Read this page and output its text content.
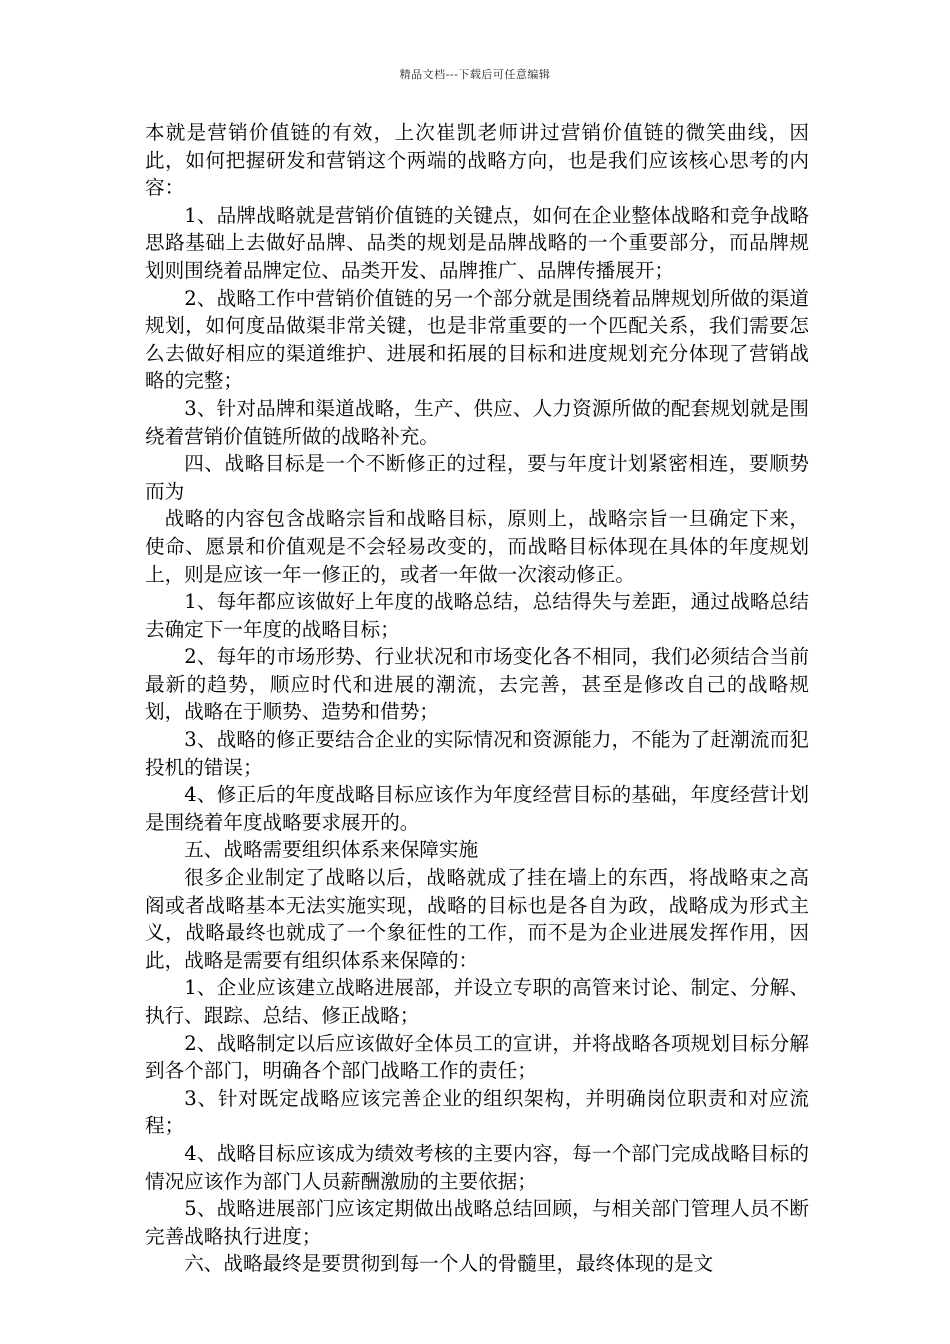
精品文档---下载后可任意编辑

本就是营销价值链的有效，上次崔凯老师讲过营销价值链的微笑曲线，因此，如何把握研发和营销这个两端的战略方向，也是我们应该核心思考的内容：

1、品牌战略就是营销价值链的关键点，如何在企业整体战略和竞争战略思路基础上去做好品牌、品类的规划是品牌战略的一个重要部分，而品牌规划则围绕着品牌定位、品类开发、品牌推广、品牌传播展开；

2、战略工作中营销价值链的另一个部分就是围绕着品牌规划所做的渠道规划，如何度品做渠非常关键，也是非常重要的一个匹配关系，我们需要怎么去做好相应的渠道维护、进展和拓展的目标和进度规划充分体现了营销战略的完整；

3、针对品牌和渠道战略，生产、供应、人力资源所做的配套规划就是围绕着营销价值链所做的战略补充。

四、战略目标是一个不断修正的过程，要与年度计划紧密相连，要顺势而为

战略的内容包含战略宗旨和战略目标，原则上，战略宗旨一旦确定下来，使命、愿景和价值观是不会轻易改变的，而战略目标体现在具体的年度规划上，则是应该一年一修正的，或者一年做一次滚动修正。

1、每年都应该做好上年度的战略总结，总结得失与差距，通过战略总结去确定下一年度的战略目标；

2、每年的市场形势、行业状况和市场变化各不相同，我们必须结合当前最新的趋势，顺应时代和进展的潮流，去完善，甚至是修改自己的战略规划，战略在于顺势、造势和借势；

3、战略的修正要结合企业的实际情况和资源能力，不能为了赶潮流而犯投机的错误；

4、修正后的年度战略目标应该作为年度经营目标的基础，年度经营计划是围绕着年度战略要求展开的。

五、战略需要组织体系来保障实施

很多企业制定了战略以后，战略就成了挂在墙上的东西，将战略束之高阁或者战略基本无法实施实现，战略的目标也是各自为政，战略成为形式主义，战略最终也就成了一个象征性的工作，而不是为企业进展发挥作用，因此，战略是需要有组织体系来保障的：

1、企业应该建立战略进展部，并设立专职的高管来讨论、制定、分解、执行、跟踪、总结、修正战略；

2、战略制定以后应该做好全体员工的宣讲，并将战略各项规划目标分解到各个部门，明确各个部门战略工作的责任；

3、针对既定战略应该完善企业的组织架构，并明确岗位职责和对应流程；

4、战略目标应该成为绩效考核的主要内容，每一个部门完成战略目标的情况应该作为部门人员薪酬激励的主要依据；

5、战略进展部门应该定期做出战略总结回顾，与相关部门管理人员不断完善战略执行进度；

六、战略最终是要贯彻到每一个人的骨髓里，最终体现的是文
